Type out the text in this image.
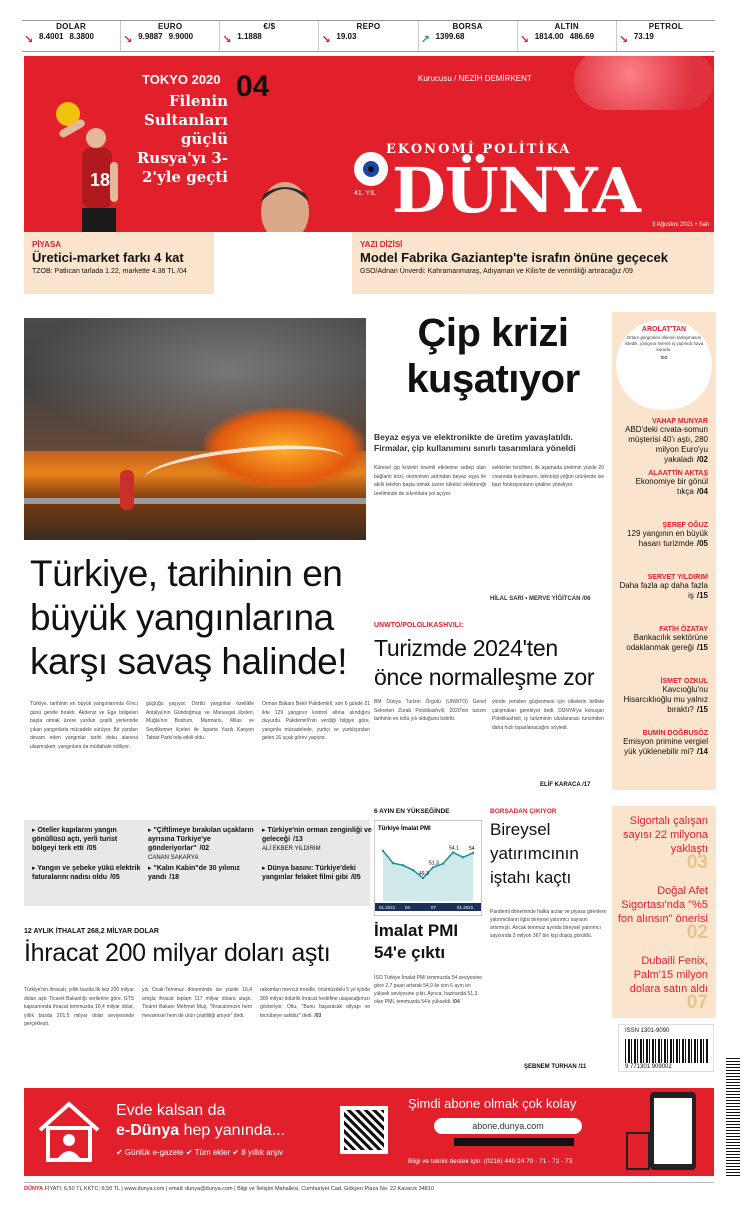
↘
DOLAR
8.4001 8.3800	↘
EURO
9.9887 9.9000	↘
€/$
1.1888	↘
REPO
19.03	↗
BORSA
1399.68	↘
ALTIN
1814.00 486.69	↘
PETROL
73.19
18
TOKYO 2020
Filenin Sultanları güçlü Rusya'yı 3-2'yle geçti
04	Kurucusu / NEZİH DEMİRKENT
41. YIL
EKONOMİ POLİTİKA
DÜNYA 3 Ağustos 2021 • Salı
PİYASA
Üretici-market farkı 4 kat
TZOB: Patlıcan tarlada 1.22, markette 4.38 TL /04
YAZI DİZİSİ
Model Fabrika Gaziantep'te israfın önüne geçecek
GSO/Adnan Ünverdi: Kahramanmaraş, Adıyaman ve Kilis'te de verimliliği artıracağız /09
Türkiye, tarihinin en büyük yangınlarına karşı savaş halinde!
Türkiye, tarihinin en büyük yangınlarında 6'ıncı günü geride bıraktı. Akdeniz ve Ege bölgeleri başta olmak üzere yurdun çeşitli yerlerinde çıkan yangınlarla mücadele sürüyor. Bir yandan devam eden yangınlar tarihi doku alanına ulaşmışken, yangınlara da müdahale ediliyor.
güçlüğü yaşıyor. Dörtlü yangınlar özellikle Antalya'nın Gündoğmuş ve Manavgat ilçeleri, Muğla'nın Bodrum, Marmaris, Milas ve Seydikemer ilçeleri ile Isparta Yazılı Kanyon Tabiat Parkı'nda etkili oldu.
Orman Bakanı Bekir Pakdemirli, son 6 günde 21 ilde 129 yangının kontrol altına alındığını duyurdu. Pakdemirli'nin verdiği bilgiye göre, yangınla mücadelede, yurtiçi ve yurtdışından gelen 16 uçak görev yapıyor.
▸ Oteller kapılarını yangın gönüllüsü açtı, yerli turist bölgeyi terk etti /05
▸ "Çiftlimeye bırakılan uçakların ayrısına Türkiye'ye gönderiyorlar" /02
CANAN SAKARYA
▸ Türkiye'nin orman zenginliği ve geleceği /13
ALİ EKBER YILDIRIM
▸ Yangın ve şebeke yükü elektrik faturalarını nadısı oldu /05
▸ "Kalın Kabin"de 30 yılımız yandı /18
▸ Dünya basını: Türkiye'deki yangınlar felaket filmi gibi /05
Çip krizi kuşatıyor
Beyaz eşya ve elektronikte de üretim yavaşlatıldı. Firmalar, çip kullanımını sınırlı tasarımlara yöneldi
Küresel çip krizinin önemli etkilerine sebep olan bağlantı krizi, otomotivin ardından beyaz eşya ile akıllı telefon başta olmak üzere tüketici elektroniği üretiminde de sıkıntılara yol açıyor.
sektörler tercihleri, ilk aşamada üretimin yüzde 20 civarında kısılmasını, teknoloji yoğun ürünlerde ise bazı fonksiyonların iptaline yöneliyor.
HİLAL SARI • MERVE YİĞİTCAN /06
UNWTO/POLOLIKASHVILI:
Turizmde 2024'ten önce normalleşme zor
BM Dünya Turizm Örgütü (UNWTO) Genel Sekreteri Zurab Pololikashvili, 2020'nin turizm tarihinin en kötü yılı olduğunu belirtti.
yönde yeniden güçlenmesi için ülkelerin birlikte çalışmaları gerekiyor dedi. DÜNYA'ya konuşan Pololikashvili, iş turizminin uluslararası turizmden daha hızlı toparlanacağını söyledi.
ELİF KARACA /17
AROLAT'TAN
Ortam gerginken ülkenin tarlaşmasını istedik, yangına önemli iş yapılırdı hava kurudu.
/03
VAHAP MUNYAR
ABD'deki cıvata-somun müşterisi 40'ı aştı, 280 milyon Euro'yu yakaladı /02
ALAATTİN AKTAŞ
Ekonomiye bir gönül tıkça /04
ŞEREF OĞUZ
129 yangının en büyük hasarı turizmde /05
SERVET YILDIRIM
Daha fazla ap daha fazla iş /15
FATİH ÖZATAY
Bankacılık sektörüne odaklanmak gereği /15
İSMET OZKUL
Kavcıoğlu'nu Hisarcıklıoğlu mu yalnız bıraktı? /15
BUMİN DOĞRUSÖZ
Emisyon primine vergiel yük yüklenebilir mi? /14
Sigortalı çalışan sayısı 22 milyona yaklaştı
03
Doğal Afet Sigortası'nda "%5 fon alınsın" önerisi
02
Dubaili Fenix, Palm'15 milyon dolara satın aldı
07
6 AYIN EN YÜKSEĞİNDE
Türkiye İmalat PMI
51,3
54,1
49,3
54
01.2021 04	07	01.2021
İmalat PMI 54'e çıktı
İSO Türkiye İmalat PMI temmuzda 54 seviyesine göre 2,7 puan artarak 54,0 ile son 6 ayın en yüksek seviyesine çıktı. Ayrıca, haziranda 51,3 olan PMI, temmuzda 54'e yükseldi. /04
BORSADAN ÇIKIYOR
Bireysel yatırımcının iştahı kaçtı
Pandemi döneminde halka arzlar ve piyasa girenlere yatırımcıların ilgisi bireysel yatırımcı sayısını artırmıştı. Ancak temmuz ayında bireysel yatırımcı sayısında 2 milyon 367 bin kişi düşüş görüldü.
ŞEBNEM TURHAN /11
12 AYLIK İTHALAT 268,2 MİLYAR DOLAR
İhracat 200 milyar doları aştı
Türkiye'nin ihracatı, yıllık bazda ilk kez 200 milyar doları aştı. Ticaret Bakanlığı verilerine göre, GTS kapsamında ihracat temmuzda 16,4 milyar dolar, yıllık bazda 201,5 milyar dolar seviyesinde gerçekleşti.
yılı Ocak-Temmuz döneminde ise yüzde 16,4 artışla ihracat toplam 117 milyar dolara ulaştı. Ticaret Bakanı Mehmet Muş, "İhracatımızın hem mevsimsel hem de ürün çeşitliliği artıyor" dedi.
rakamları mevcut trendle, önümüzdeki 5 yıl içinde 300 milyar dolarlık ihracat hedefine ulaşacağımızı gösteriyor. Otlu, "Bunu başaracak altyapı ve tecrübeye sahibiz" dedi. /03
ISSN 1301-9090
9 771301 909002
Evde kalsan da
e-Dünya hep yanında...
✔ Günlük e-gazete ✔ Tüm ekler ✔ 8 yıllık arşiv
Şimdi abone olmak çok kolay
abone.dunya.com
Bilgi ve teknik destek için: (0216) 440 24 70 - 71 - 72 - 73
DÜNYA FİYATI: 6,50 TL KKTC: 6,50 TL | www.dunya.com | email: dunya@dunya.com | Bilgi ve İletişim Mahallesi, Cumhuriyet Cad. Gökşen Plaza No: 22 Kavacık 34810
